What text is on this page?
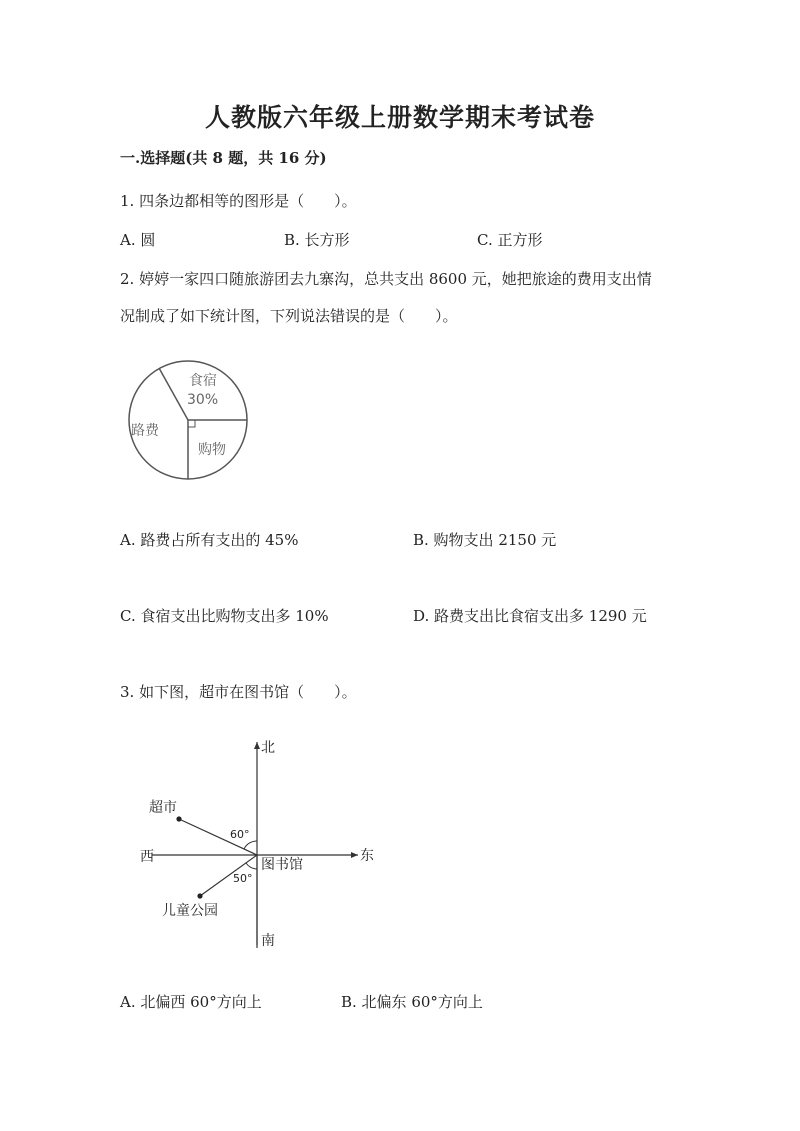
人教版六年级上册数学期末考试卷
一.选择题(共 8 题，共 16 分)
1. 四条边都相等的图形是（　　）。
A. 圆	B. 长方形	C. 正方形
2. 婷婷一家四口随旅游团去九寨沟，总共支出 8600 元，她把旅途的费用支出情
况制成了如下统计图，下列说法错误的是（　　）。
食宿
30%
路费
购物
A. 路费占所有支出的 45%	B. 购物支出 2150 元
C. 食宿支出比购物支出多 10%	D. 路费支出比食宿支出多 1290 元
3. 如下图，超市在图书馆（　　）。
北
南
东
西	图书馆
超市
60°
50°
儿童公园
A. 北偏西 60°方向上	B. 北偏东 60°方向上
